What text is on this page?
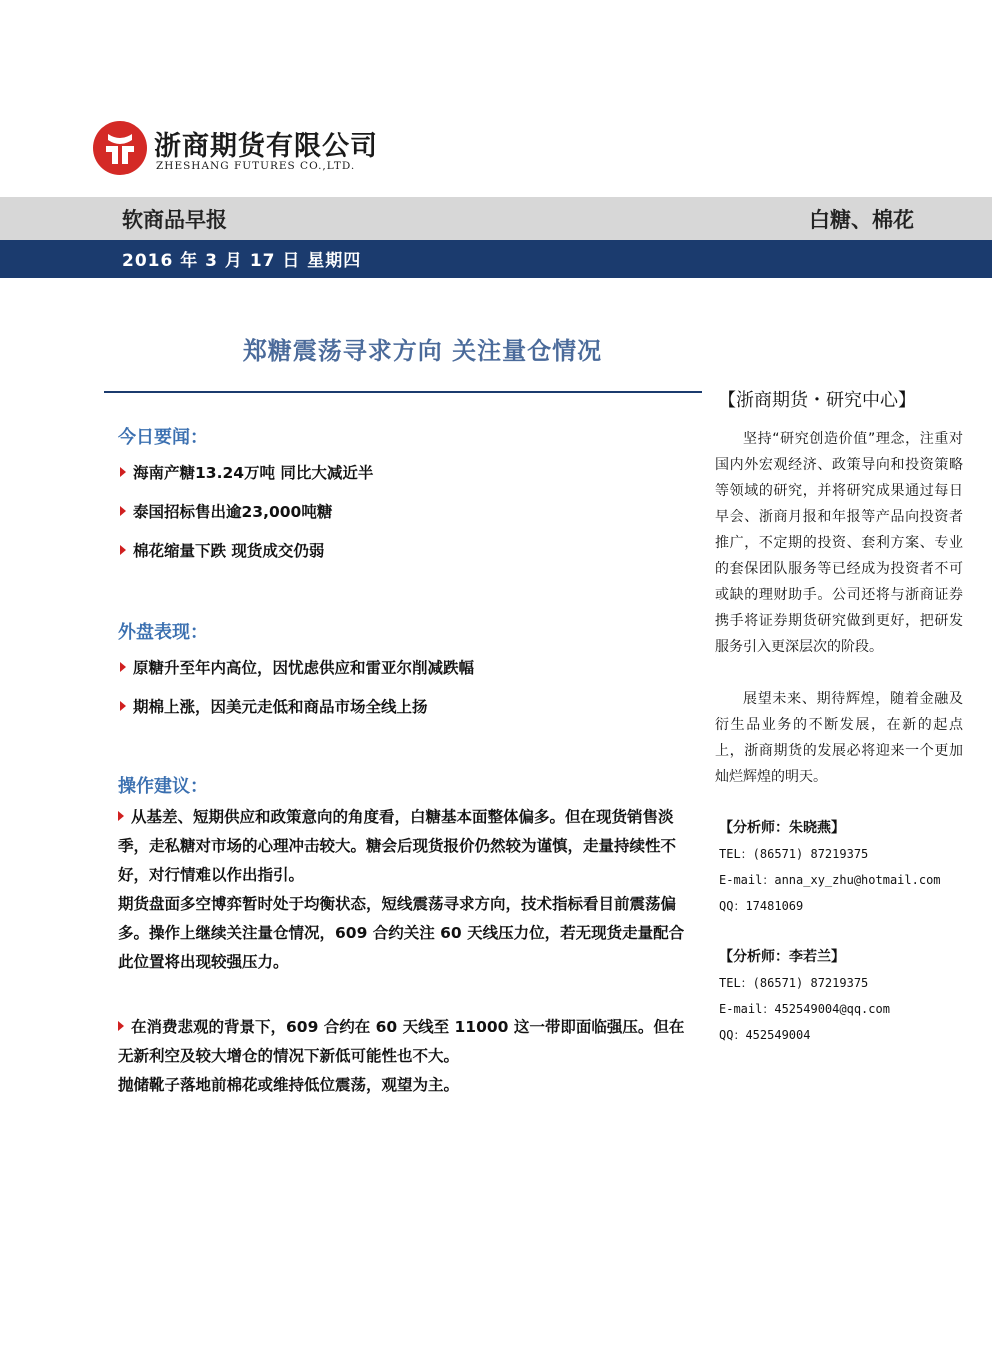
浙商期货有限公司
ZHESHANG FUTURES CO.,LTD.
软商品早报	白糖、棉花
2016 年 3 月 17 日 星期四
郑糖震荡寻求方向 关注量仓情况
今日要闻：
海南产糖13.24万吨 同比大减近半
泰国招标售出逾23,000吨糖
棉花缩量下跌 现货成交仍弱
外盘表现：
原糖升至年内高位，因忧虑供应和雷亚尔削减跌幅
期棉上涨，因美元走低和商品市场全线上扬
操作建议：
从基差、短期供应和政策意向的角度看，白糖基本面整体偏多。但在现货销售淡季，走私糖对市场的心理冲击较大。糖会后现货报价仍然较为谨慎，走量持续性不好，对行情难以作出指引。
期货盘面多空博弈暂时处于均衡状态，短线震荡寻求方向，技术指标看目前震荡偏多。操作上继续关注量仓情况，609 合约关注 60 天线压力位，若无现货走量配合此位置将出现较强压力。
在消费悲观的背景下，609 合约在 60 天线至 11000 这一带即面临强压。但在无新利空及较大增仓的情况下新低可能性也不大。
抛储靴子落地前棉花或维持低位震荡，观望为主。
【浙商期货・研究中心】
坚持“研究创造价值”理念，注重对国内外宏观经济、政策导向和投资策略等领域的研究，并将研究成果通过每日早会、浙商月报和年报等产品向投资者推广，不定期的投资、套利方案、专业的套保团队服务等已经成为投资者不可或缺的理财助手。公司还将与浙商证券携手将证券期货研究做到更好，把研发服务引入更深层次的阶段。
展望未来、期待辉煌，随着金融及衍生品业务的不断发展，在新的起点上，浙商期货的发展必将迎来一个更加灿烂辉煌的明天。
【分析师：朱晓燕】
TEL：(86571) 87219375
E-mail：anna_xy_zhu@hotmail.com
QQ：17481069
【分析师：李若兰】
TEL：(86571) 87219375
E-mail：452549004@qq.com
QQ：452549004
